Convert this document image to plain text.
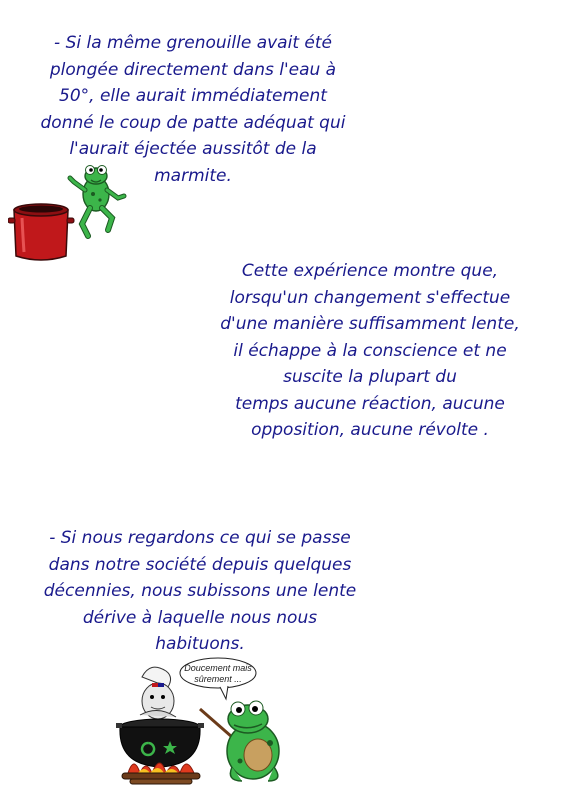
- Si la même grenouille avait été
plongée directement dans l'eau à
50°, elle aurait immédiatement
donné le coup de patte adéquat qui
l'aurait éjectée aussitôt de la
marmite.
Cette expérience montre que,
lorsqu'un changement s'effectue
d'une manière suffisamment lente,
il échappe à la conscience et ne
suscite la plupart du
temps aucune réaction, aucune
opposition, aucune révolte .
- Si nous regardons ce qui se passe
dans notre société depuis quelques
décennies, nous subissons une lente
dérive à laquelle nous nous
habituons.
Doucement mais
sûrement ...
